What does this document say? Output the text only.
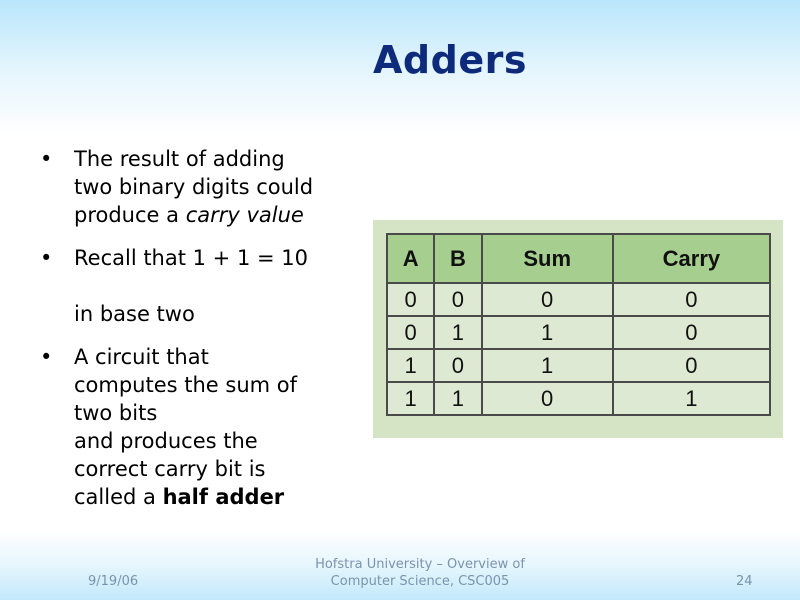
Adders
• The result of adding
two binary digits could
produce a carry value
• Recall that 1 + 1 = 10
in base two
• A circuit that
computes the sum of
two bits
and produces the
correct carry bit is
called a half adder
A	B	Sum	Carry
0	0	0	0
0	1	1	0
1	0	1	0
1	1	0	1
9/19/06
Hofstra University – Overview of
Computer Science, CSC005	24
